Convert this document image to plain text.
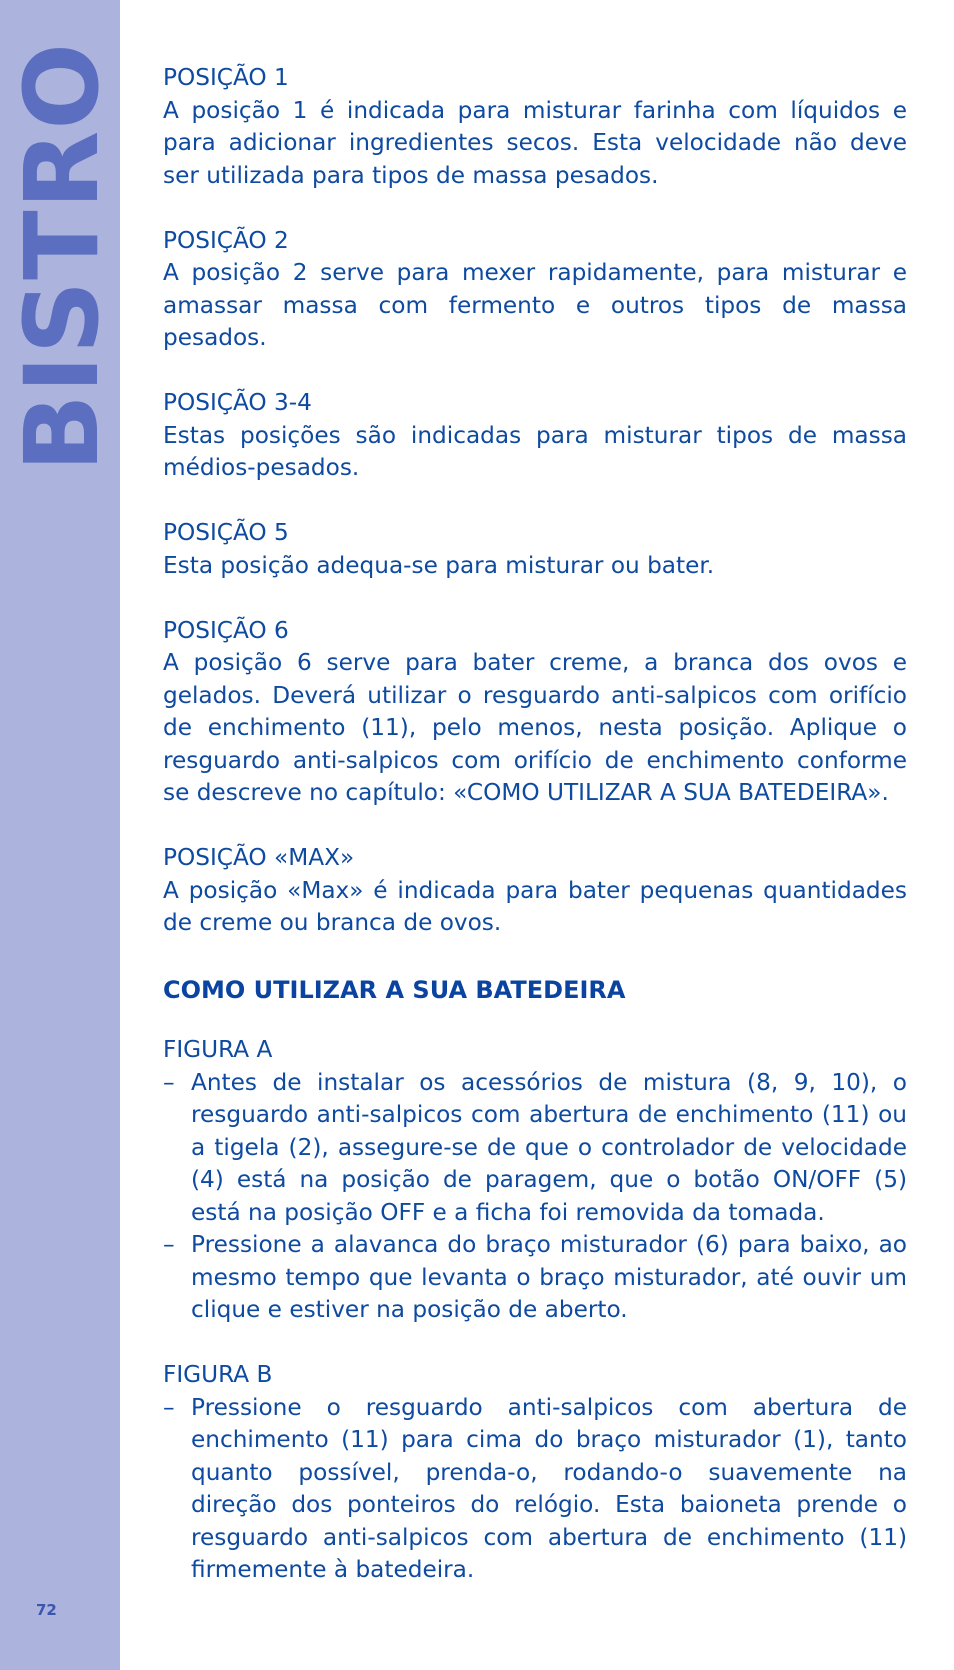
BISTRO
72
POSIÇÃO 1
A posição 1 é indicada para misturar farinha com líquidos e para adicionar ingredientes secos. Esta velocidade não deve ser utilizada para tipos de massa pesados.
POSIÇÃO 2
A posição 2 serve para mexer rapidamente, para misturar e amassar massa com fermento e outros tipos de massa pesados.
POSIÇÃO 3-4
Estas posições são indicadas para misturar tipos de massa médios-pesados.
POSIÇÃO 5
Esta posição adequa-se para misturar ou bater.
POSIÇÃO 6
A posição 6 serve para bater creme, a branca dos ovos e gelados. Deverá utilizar o resguardo anti-salpicos com orifício de enchimento (11), pelo menos, nesta posição. Aplique o resguardo anti-salpicos com orifício de enchimento conforme se descreve no capítulo: «COMO UTILIZAR A SUA BATEDEIRA».
POSIÇÃO «MAX»
A posição «Max» é indicada para bater pequenas quantidades de creme ou branca de ovos.
COMO UTILIZAR A SUA BATEDEIRA
FIGURA A
– Antes de instalar os acessórios de mistura (8, 9, 10), o resguardo anti-salpicos com abertura de enchimento (11) ou a tigela (2), assegure-se de que o controlador de velocidade (4) está na posição de paragem, que o botão ON/OFF (5) está na posição OFF e a ficha foi removida da tomada.
– Pressione a alavanca do braço misturador (6) para baixo, ao mesmo tempo que levanta o braço misturador, até ouvir um clique e estiver na posição de aberto.
FIGURA B
– Pressione o resguardo anti-salpicos com abertura de enchimento (11) para cima do braço misturador (1), tanto quanto possível, prenda-o, rodando-o suavemente na direção dos ponteiros do relógio. Esta baioneta prende o resguardo anti-salpicos com abertura de enchimento (11) firmemente à batedeira.
